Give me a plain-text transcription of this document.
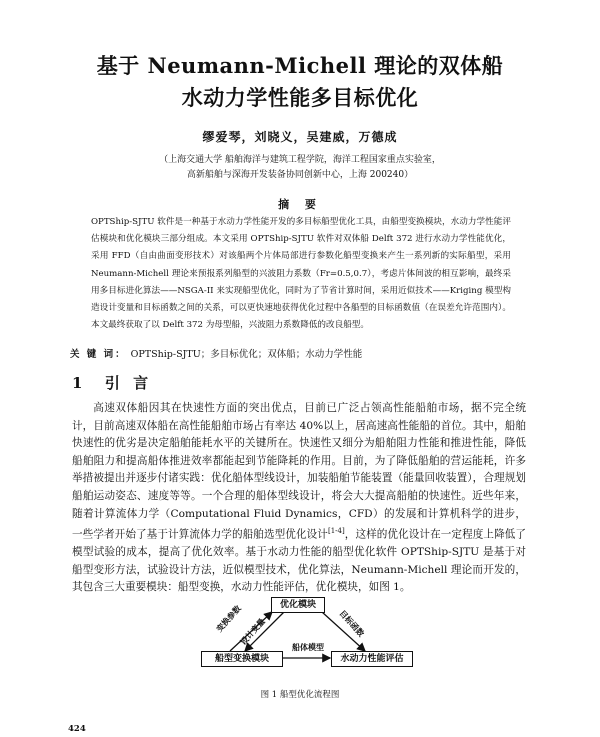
基于 Neumann-Michell 理论的双体船
水动力学性能多目标优化
缪爱琴，刘晓义，吴建威，万德成
（上海交通大学 船舶海洋与建筑工程学院，海洋工程国家重点实验室，
高新船舶与深海开发装备协同创新中心，上海 200240）
摘 要
OPTShip-SJTU 软件是一种基于水动力学性能开发的多目标船型优化工具，由船型变换模块，水动力学性能评估模块和优化模块三部分组成。本文采用 OPTShip-SJTU 软件对双体船 Delft 372 进行水动力学性能优化，采用 FFD（自由曲面变形技术）对该船两个片体局部进行参数化船型变换来产生一系列新的实际船型，采用 Neumann-Michell 理论来预报系列船型的兴波阻力系数（Fr=0.5,0.7），考虑片体间波的相互影响，最终采用多目标进化算法——NSGA-II 来实现船型优化，同时为了节省计算时间，采用近似技术——Kriging 模型构造设计变量和目标函数之间的关系，可以更快速地获得优化过程中各船型的目标函数值（在误差允许范围内）。本文最终获取了以 Delft 372 为母型船，兴波阻力系数降低的改良船型。
关 键 词： OPTShip-SJTU；多目标优化；双体船；水动力学性能
1 引 言
高速双体船因其在快速性方面的突出优点，目前已广泛占领高性能船舶市场，据不完全统计，目前高速双体船在高性能船舶市场占有率达 40%以上，居高速高性能船的首位。其中，船舶快速性的优劣是决定船舶能耗水平的关键所在。快速性又细分为船舶阻力性能和推进性能，降低船舶阻力和提高船体推进效率都能起到节能降耗的作用。目前，为了降低船舶的营运能耗，许多举措被提出并逐步付诸实践：优化船体型线设计，加装船舶节能装置（能量回收装置），合理规划船舶运动姿态、速度等等。一个合理的船体型线设计，将会大大提高船舶的快速性。近些年来，随着计算流体力学（Computational Fluid Dynamics，CFD）的发展和计算机科学的进步，一些学者开始了基于计算流体力学的船舶选型优化设计[1-4]，这样的优化设计在一定程度上降低了模型试验的成本，提高了优化效率。基于水动力性能的船型优化软件 OPTShip-SJTU 是基于对船型变形方法，试验设计方法，近似模型技术，优化算法，Neumann-Michell 理论而开发的，其包含三大重要模块：船型变换，水动力性能评估，优化模块，如图 1。
优化模块
船型变换模块	水动力性能评估
变换参数
设计变量	目标函数
船体模型
图 1 船型优化流程图
424
